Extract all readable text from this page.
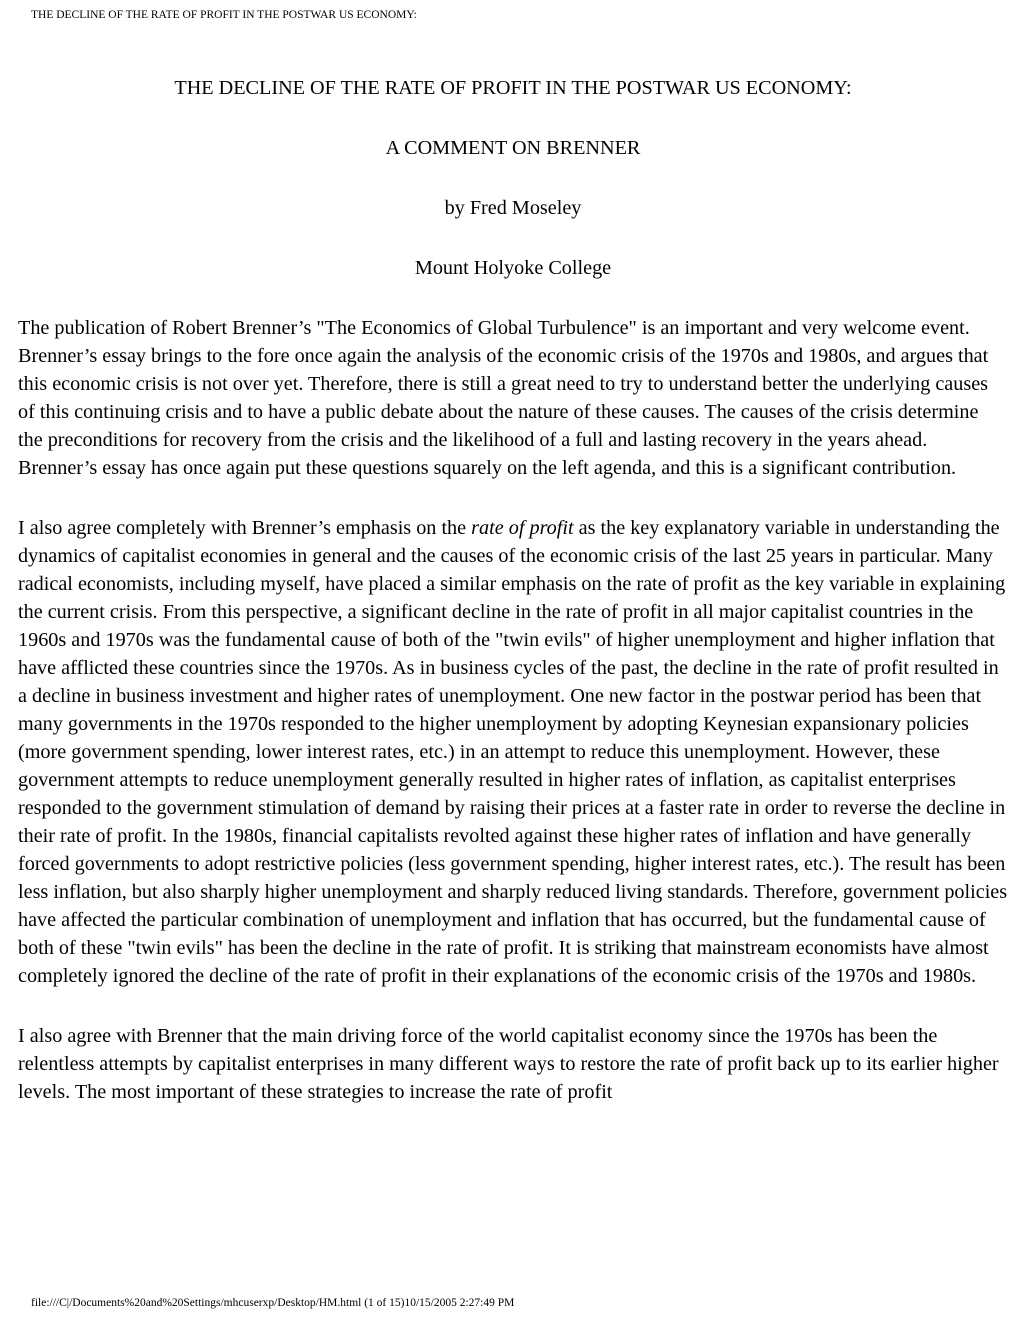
THE DECLINE OF THE RATE OF PROFIT IN THE POSTWAR US ECONOMY:
THE DECLINE OF THE RATE OF PROFIT IN THE POSTWAR US ECONOMY:
A COMMENT ON BRENNER
by Fred Moseley
Mount Holyoke College

The publication of Robert Brenner’s "The Economics of Global Turbulence" is an important and very welcome event. Brenner’s essay brings to the fore once again the analysis of the economic crisis of the 1970s and 1980s, and argues that this economic crisis is not over yet. Therefore, there is still a great need to try to understand better the underlying causes of this continuing crisis and to have a public debate about the nature of these causes. The causes of the crisis determine the preconditions for recovery from the crisis and the likelihood of a full and lasting recovery in the years ahead. Brenner’s essay has once again put these questions squarely on the left agenda, and this is a significant contribution.

I also agree completely with Brenner’s emphasis on the rate of profit as the key explanatory variable in understanding the dynamics of capitalist economies in general and the causes of the economic crisis of the last 25 years in particular. Many radical economists, including myself, have placed a similar emphasis on the rate of profit as the key variable in explaining the current crisis. From this perspective, a significant decline in the rate of profit in all major capitalist countries in the 1960s and 1970s was the fundamental cause of both of the "twin evils" of higher unemployment and higher inflation that have afflicted these countries since the 1970s. As in business cycles of the past, the decline in the rate of profit resulted in a decline in business investment and higher rates of unemployment. One new factor in the postwar period has been that many governments in the 1970s responded to the higher unemployment by adopting Keynesian expansionary policies (more government spending, lower interest rates, etc.) in an attempt to reduce this unemployment. However, these government attempts to reduce unemployment generally resulted in higher rates of inflation, as capitalist enterprises responded to the government stimulation of demand by raising their prices at a faster rate in order to reverse the decline in their rate of profit. In the 1980s, financial capitalists revolted against these higher rates of inflation and have generally forced governments to adopt restrictive policies (less government spending, higher interest rates, etc.). The result has been less inflation, but also sharply higher unemployment and sharply reduced living standards. Therefore, government policies have affected the particular combination of unemployment and inflation that has occurred, but the fundamental cause of both of these "twin evils" has been the decline in the rate of profit. It is striking that mainstream economists have almost completely ignored the decline of the rate of profit in their explanations of the economic crisis of the 1970s and 1980s.

I also agree with Brenner that the main driving force of the world capitalist economy since the 1970s has been the relentless attempts by capitalist enterprises in many different ways to restore the rate of profit back up to its earlier higher levels. The most important of these strategies to increase the rate of profit

file:///C|/Documents%20and%20Settings/mhcuserxp/Desktop/HM.html (1 of 15)10/15/2005 2:27:49 PM
